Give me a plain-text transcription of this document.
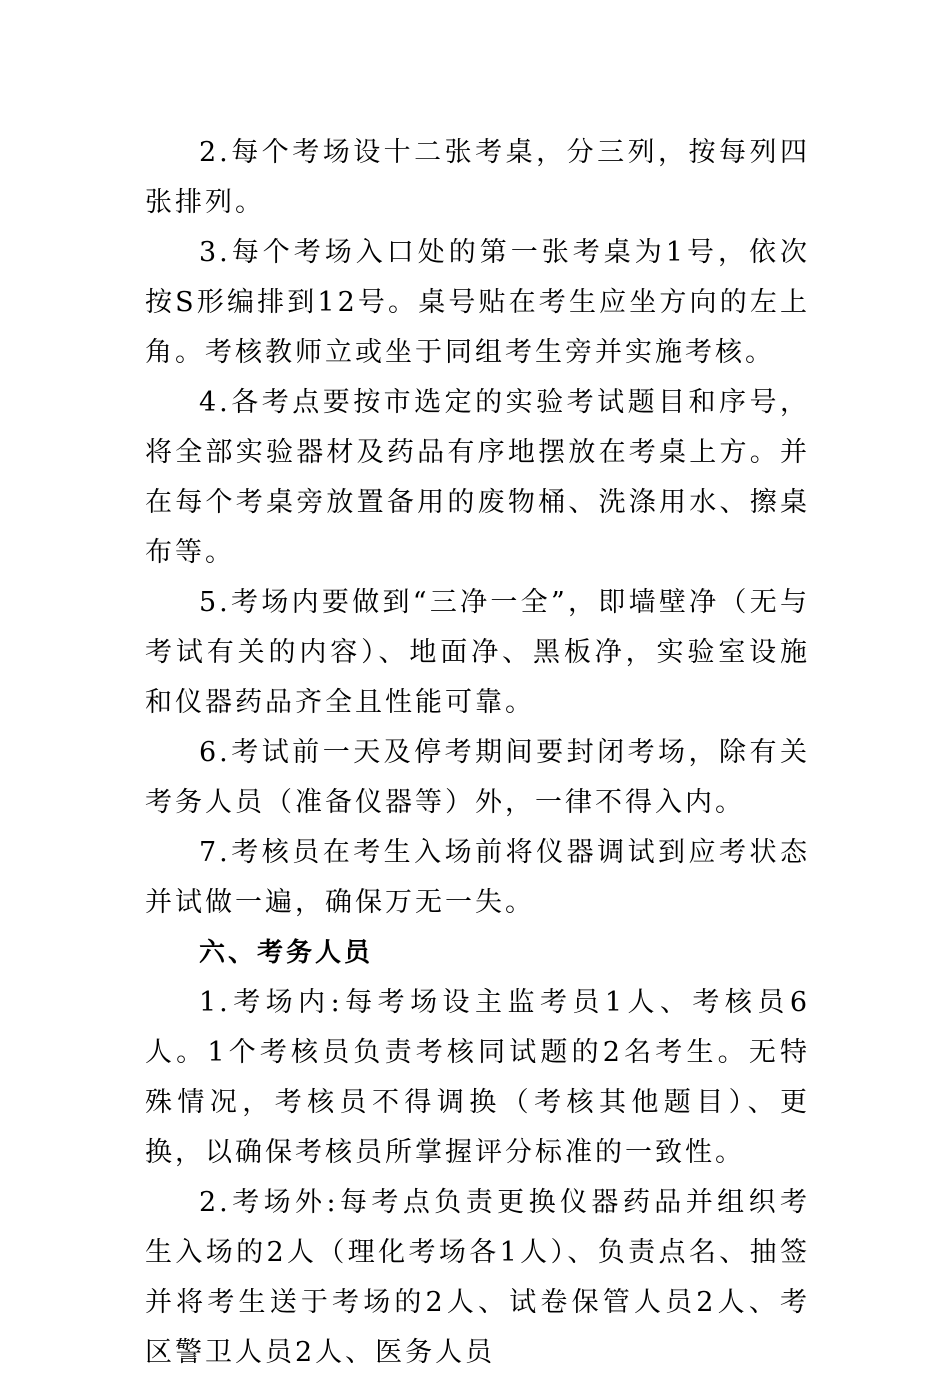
2.每个考场设十二张考桌，分三列，按每列四张排列。

3.每个考场入口处的第一张考桌为1号，依次按S形编排到12号。桌号贴在考生应坐方向的左上角。考核教师立或坐于同组考生旁并实施考核。

4.各考点要按市选定的实验考试题目和序号，将全部实验器材及药品有序地摆放在考桌上方。并在每个考桌旁放置备用的废物桶、洗涤用水、擦桌布等。

5.考场内要做到“三净一全”，即墙壁净（无与考试有关的内容）、地面净、黑板净，实验室设施和仪器药品齐全且性能可靠。

6.考试前一天及停考期间要封闭考场，除有关考务人员（准备仪器等）外，一律不得入内。

7.考核员在考生入场前将仪器调试到应考状态并试做一遍，确保万无一失。

六、考务人员

1.考场内:每考场设主监考员1人、考核员6人。1个考核员负责考核同试题的2名考生。无特殊情况，考核员不得调换（考核其他题目）、更换，以确保考核员所掌握评分标准的一致性。

2.考场外:每考点负责更换仪器药品并组织考生入场的2人（理化考场各1人）、负责点名、抽签并将考生送于考场的2人、试卷保管人员2人、考区警卫人员2人、医务人员
